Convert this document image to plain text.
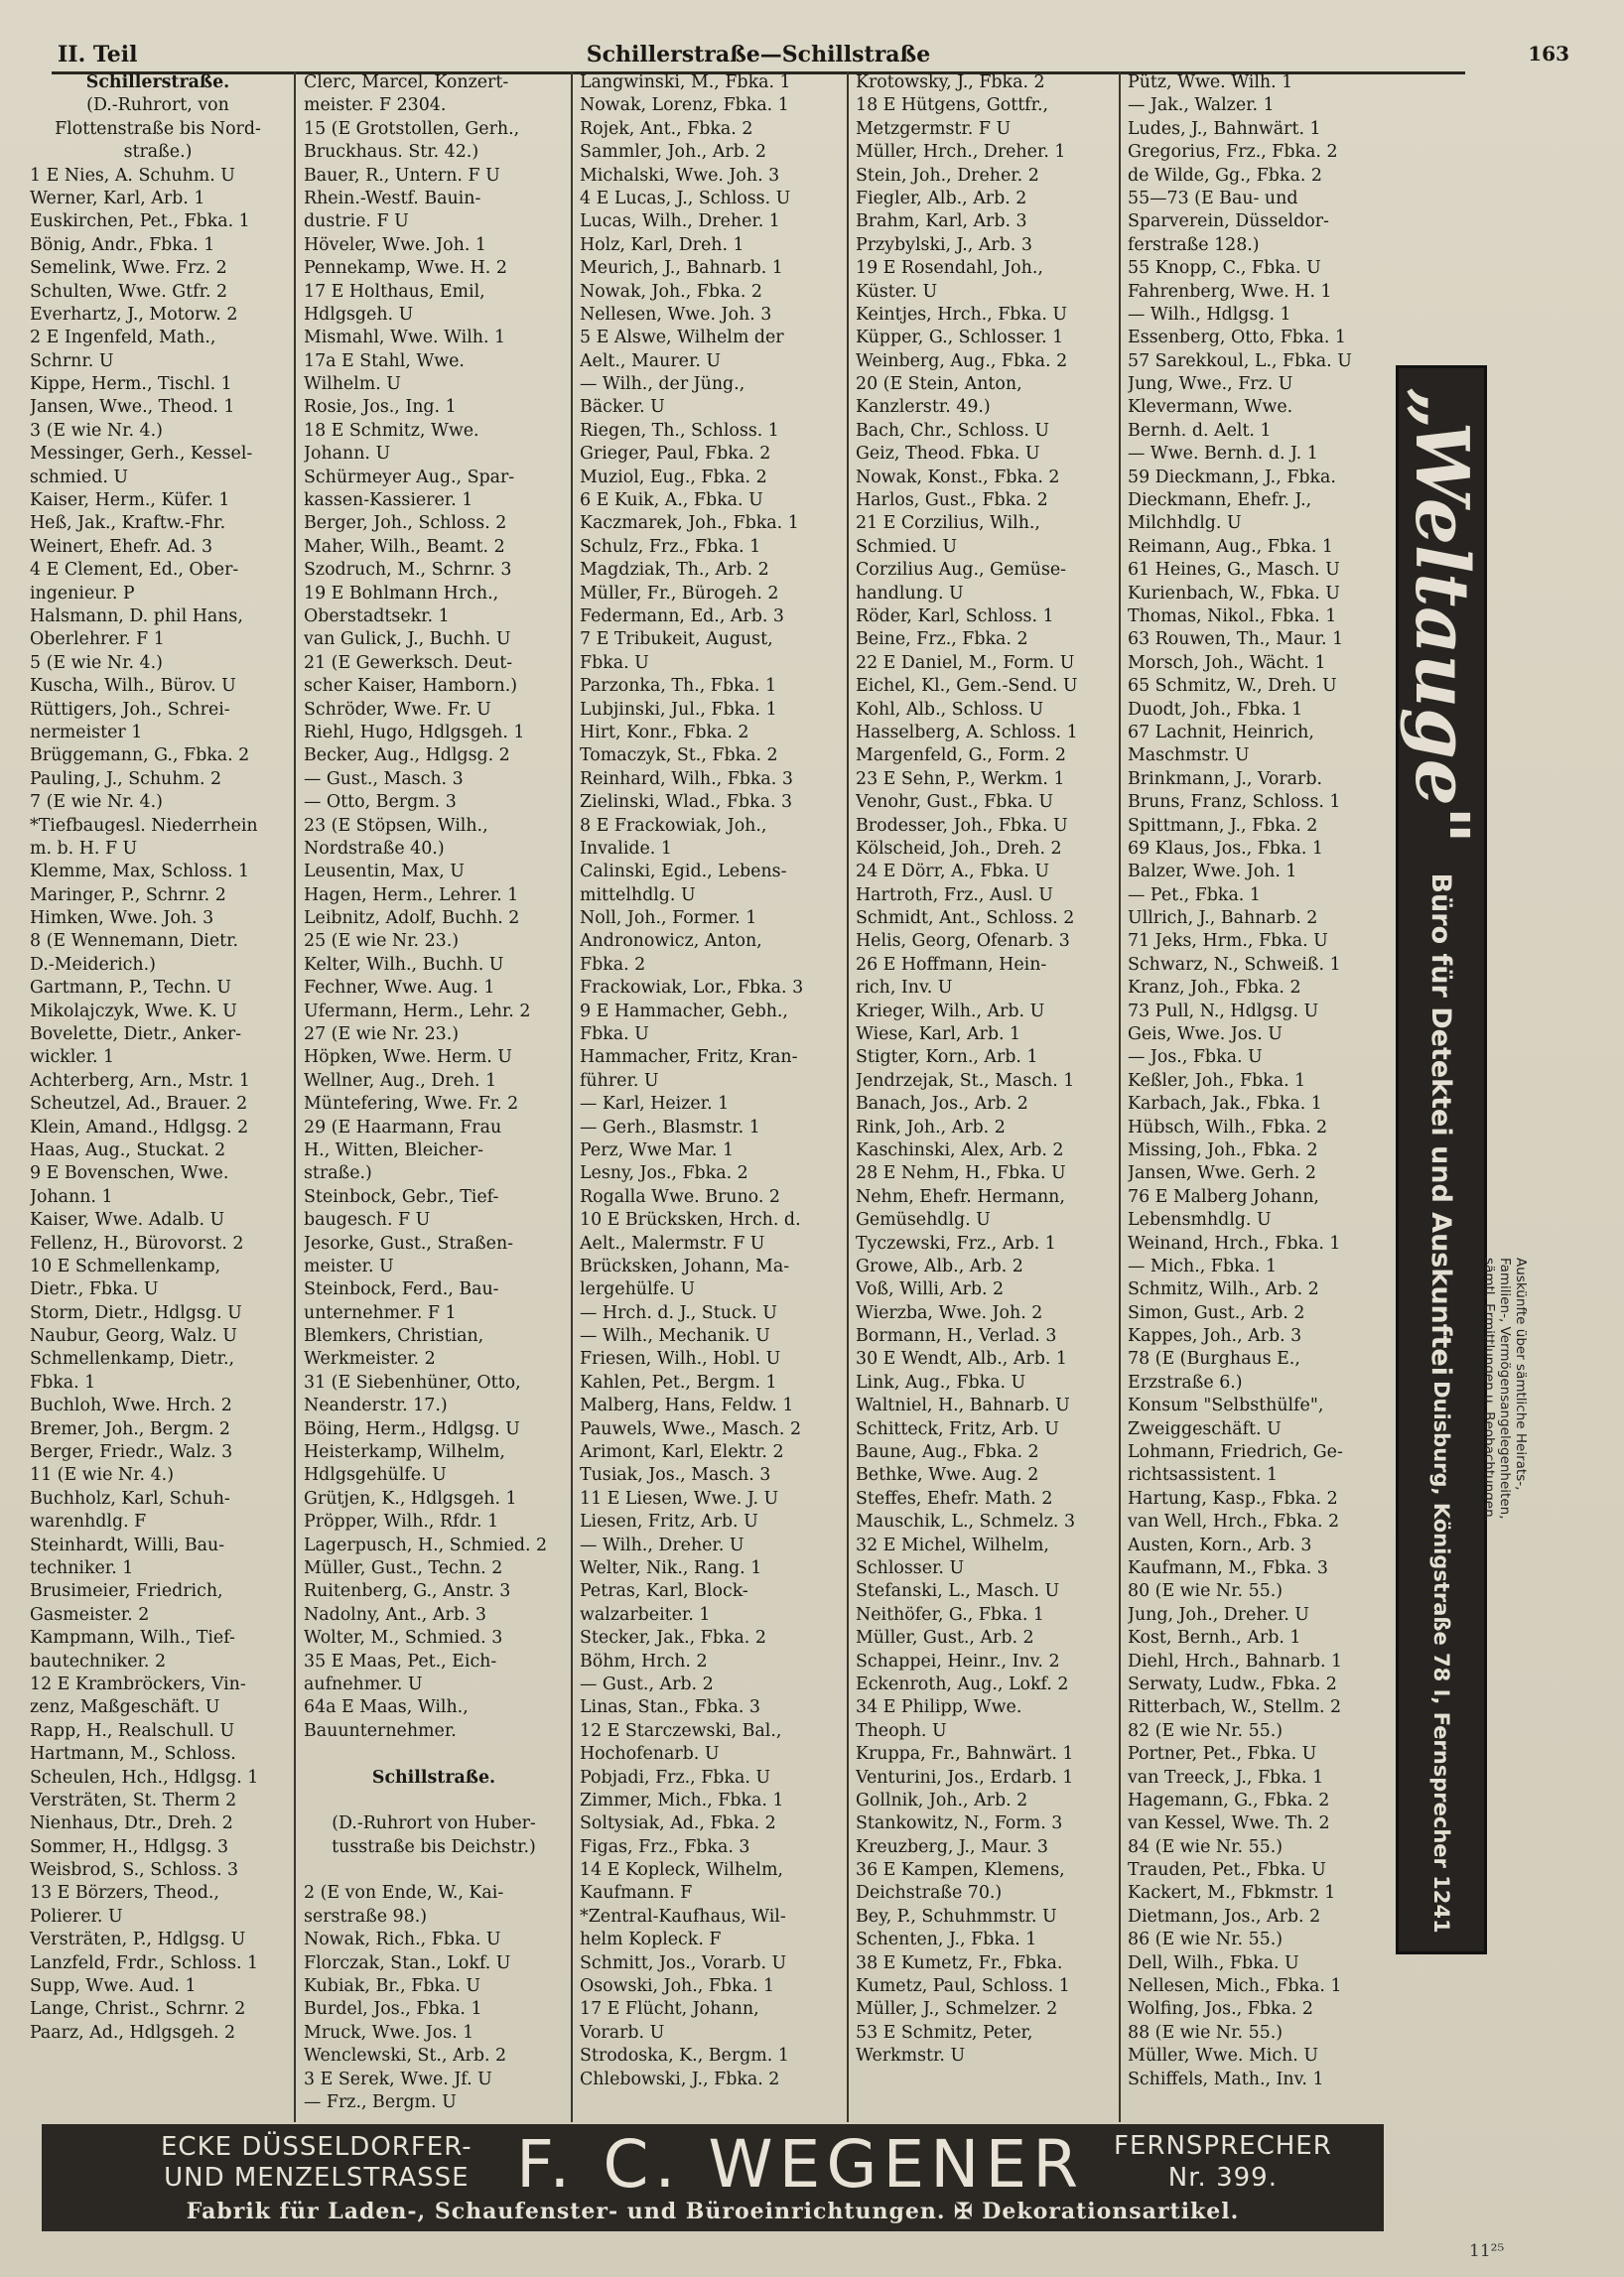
II. Teil	Schillerstraße—Schillstraße	163
Schillerstraße.
(D.-Ruhrort, von
Flottenstraße bis Nord-
straße.)
1 E Nies, A. Schuhm. U
Werner, Karl, Arb. 1
Euskirchen, Pet., Fbka. 1
Bönig, Andr., Fbka. 1
Semelink, Wwe. Frz. 2
Schulten, Wwe. Gtfr. 2
Everhartz, J., Motorw. 2
2 E Ingenfeld, Math.,
Schrnr. U
Kippe, Herm., Tischl. 1
Jansen, Wwe., Theod. 1
3 (E wie Nr. 4.)
Messinger, Gerh., Kessel-
schmied. U
Kaiser, Herm., Küfer. 1
Heß, Jak., Kraftw.-Fhr.
Weinert, Ehefr. Ad. 3
4 E Clement, Ed., Ober-
ingenieur. P
Halsmann, D. phil Hans,
Oberlehrer. F 1
5 (E wie Nr. 4.)
Kuscha, Wilh., Bürov. U
Rüttigers, Joh., Schrei-
nermeister 1
Brüggemann, G., Fbka. 2
Pauling, J., Schuhm. 2
7 (E wie Nr. 4.)
*Tiefbaugesl. Niederrhein
m. b. H. F U
Klemme, Max, Schloss. 1
Maringer, P., Schrnr. 2
Himken, Wwe. Joh. 3
8 (E Wennemann, Dietr.
D.-Meiderich.)
Gartmann, P., Techn. U
Mikolajczyk, Wwe. K. U
Bovelette, Dietr., Anker-
wickler. 1
Achterberg, Arn., Mstr. 1
Scheutzel, Ad., Brauer. 2
Klein, Amand., Hdlgsg. 2
Haas, Aug., Stuckat. 2
9 E Bovenschen, Wwe.
Johann. 1
Kaiser, Wwe. Adalb. U
Fellenz, H., Bürovorst. 2
10 E Schmellenkamp,
Dietr., Fbka. U
Storm, Dietr., Hdlgsg. U
Naubur, Georg, Walz. U
Schmellenkamp, Dietr.,
Fbka. 1
Buchloh, Wwe. Hrch. 2
Bremer, Joh., Bergm. 2
Berger, Friedr., Walz. 3
11 (E wie Nr. 4.)
Buchholz, Karl, Schuh-
warenhdlg. F
Steinhardt, Willi, Bau-
techniker. 1
Brusimeier, Friedrich,
Gasmeister. 2
Kampmann, Wilh., Tief-
bautechniker. 2
12 E Krambröckers, Vin-
zenz, Maßgeschäft. U
Rapp, H., Realschull. U
Hartmann, M., Schloss.
Scheulen, Hch., Hdlgsg. 1
Versträten, St. Therm 2
Nienhaus, Dtr., Dreh. 2
Sommer, H., Hdlgsg. 3
Weisbrod, S., Schloss. 3
13 E Börzers, Theod.,
Polierer. U
Versträten, P., Hdlgsg. U
Lanzfeld, Frdr., Schloss. 1
Supp, Wwe. Aud. 1
Lange, Christ., Schrnr. 2
Paarz, Ad., Hdlgsgeh. 2
Clerc, Marcel, Konzert-
meister. F 2304.
15 (E Grotstollen, Gerh.,
Bruckhaus. Str. 42.)
Bauer, R., Untern. F U
Rhein.-Westf. Bauin-
dustrie. F U
Höveler, Wwe. Joh. 1
Pennekamp, Wwe. H. 2
17 E Holthaus, Emil,
Hdlgsgeh. U
Mismahl, Wwe. Wilh. 1
17a E Stahl, Wwe.
Wilhelm. U
Rosie, Jos., Ing. 1
18 E Schmitz, Wwe.
Johann. U
Schürmeyer Aug., Spar-
kassen-Kassierer. 1
Berger, Joh., Schloss. 2
Maher, Wilh., Beamt. 2
Szodruch, M., Schrnr. 3
19 E Bohlmann Hrch.,
Oberstadtsekr. 1
van Gulick, J., Buchh. U
21 (E Gewerksch. Deut-
scher Kaiser, Hamborn.)
Schröder, Wwe. Fr. U
Riehl, Hugo, Hdlgsgeh. 1
Becker, Aug., Hdlgsg. 2
— Gust., Masch. 3
— Otto, Bergm. 3
23 (E Stöpsen, Wilh.,
Nordstraße 40.)
Leusentin, Max, U
Hagen, Herm., Lehrer. 1
Leibnitz, Adolf, Buchh. 2
25 (E wie Nr. 23.)
Kelter, Wilh., Buchh. U
Fechner, Wwe. Aug. 1
Ufermann, Herm., Lehr. 2
27 (E wie Nr. 23.)
Höpken, Wwe. Herm. U
Wellner, Aug., Dreh. 1
Müntefering, Wwe. Fr. 2
29 (E Haarmann, Frau
H., Witten, Bleicher-
straße.)
Steinbock, Gebr., Tief-
baugesch. F U
Jesorke, Gust., Straßen-
meister. U
Steinbock, Ferd., Bau-
unternehmer. F 1
Blemkers, Christian,
Werkmeister. 2
31 (E Siebenhüner, Otto,
Neanderstr. 17.)
Böing, Herm., Hdlgsg. U
Heisterkamp, Wilhelm,
Hdlgsgehülfe. U
Grütjen, K., Hdlgsgeh. 1
Pröpper, Wilh., Rfdr. 1
Lagerpusch, H., Schmied. 2
Müller, Gust., Techn. 2
Ruitenberg, G., Anstr. 3
Nadolny, Ant., Arb. 3
Wolter, M., Schmied. 3
35 E Maas, Pet., Eich-
aufnehmer. U
64a E Maas, Wilh.,
Bauunternehmer.
Schillstraße.
(D.-Ruhrort von Huber-
tusstraße bis Deichstr.)
2 (E von Ende, W., Kai-
serstraße 98.)
Nowak, Rich., Fbka. U
Florczak, Stan., Lokf. U
Kubiak, Br., Fbka. U
Burdel, Jos., Fbka. 1
Mruck, Wwe. Jos. 1
Wenclewski, St., Arb. 2
3 E Serek, Wwe. Jf. U
— Frz., Bergm. U
Langwinski, M., Fbka. 1
Nowak, Lorenz, Fbka. 1
Rojek, Ant., Fbka. 2
Sammler, Joh., Arb. 2
Michalski, Wwe. Joh. 3
4 E Lucas, J., Schloss. U
Lucas, Wilh., Dreher. 1
Holz, Karl, Dreh. 1
Meurich, J., Bahnarb. 1
Nowak, Joh., Fbka. 2
Nellesen, Wwe. Joh. 3
5 E Alswe, Wilhelm der
Aelt., Maurer. U
— Wilh., der Jüng.,
Bäcker. U
Riegen, Th., Schloss. 1
Grieger, Paul, Fbka. 2
Muziol, Eug., Fbka. 2
6 E Kuik, A., Fbka. U
Kaczmarek, Joh., Fbka. 1
Schulz, Frz., Fbka. 1
Magdziak, Th., Arb. 2
Müller, Fr., Bürogeh. 2
Federmann, Ed., Arb. 3
7 E Tribukeit, August,
Fbka. U
Parzonka, Th., Fbka. 1
Lubjinski, Jul., Fbka. 1
Hirt, Konr., Fbka. 2
Tomaczyk, St., Fbka. 2
Reinhard, Wilh., Fbka. 3
Zielinski, Wlad., Fbka. 3
8 E Frackowiak, Joh.,
Invalide. 1
Calinski, Egid., Lebens-
mittelhdlg. U
Noll, Joh., Former. 1
Andronowicz, Anton,
Fbka. 2
Frackowiak, Lor., Fbka. 3
9 E Hammacher, Gebh.,
Fbka. U
Hammacher, Fritz, Kran-
führer. U
— Karl, Heizer. 1
— Gerh., Blasmstr. 1
Perz, Wwe Mar. 1
Lesny, Jos., Fbka. 2
Rogalla Wwe. Bruno. 2
10 E Brücksken, Hrch. d.
Aelt., Malermstr. F U
Brücksken, Johann, Ma-
lergehülfe. U
— Hrch. d. J., Stuck. U
— Wilh., Mechanik. U
Friesen, Wilh., Hobl. U
Kahlen, Pet., Bergm. 1
Malberg, Hans, Feldw. 1
Pauwels, Wwe., Masch. 2
Arimont, Karl, Elektr. 2
Tusiak, Jos., Masch. 3
11 E Liesen, Wwe. J. U
Liesen, Fritz, Arb. U
— Wilh., Dreher. U
Welter, Nik., Rang. 1
Petras, Karl, Block-
walzarbeiter. 1
Stecker, Jak., Fbka. 2
Böhm, Hrch. 2
— Gust., Arb. 2
Linas, Stan., Fbka. 3
12 E Starczewski, Bal.,
Hochofenarb. U
Pobjadi, Frz., Fbka. U
Zimmer, Mich., Fbka. 1
Soltysiak, Ad., Fbka. 2
Figas, Frz., Fbka. 3
14 E Kopleck, Wilhelm,
Kaufmann. F
*Zentral-Kaufhaus, Wil-
helm Kopleck. F
Schmitt, Jos., Vorarb. U
Osowski, Joh., Fbka. 1
17 E Flücht, Johann,
Vorarb. U
Strodoska, K., Bergm. 1
Chlebowski, J., Fbka. 2
Krotowsky, J., Fbka. 2
18 E Hütgens, Gottfr.,
Metzgermstr. F U
Müller, Hrch., Dreher. 1
Stein, Joh., Dreher. 2
Fiegler, Alb., Arb. 2
Brahm, Karl, Arb. 3
Przybylski, J., Arb. 3
19 E Rosendahl, Joh.,
Küster. U
Keintjes, Hrch., Fbka. U
Küpper, G., Schlosser. 1
Weinberg, Aug., Fbka. 2
20 (E Stein, Anton,
Kanzlerstr. 49.)
Bach, Chr., Schloss. U
Geiz, Theod. Fbka. U
Nowak, Konst., Fbka. 2
Harlos, Gust., Fbka. 2
21 E Corzilius, Wilh.,
Schmied. U
Corzilius Aug., Gemüse-
handlung. U
Röder, Karl, Schloss. 1
Beine, Frz., Fbka. 2
22 E Daniel, M., Form. U
Eichel, Kl., Gem.-Send. U
Kohl, Alb., Schloss. U
Hasselberg, A. Schloss. 1
Margenfeld, G., Form. 2
23 E Sehn, P., Werkm. 1
Venohr, Gust., Fbka. U
Brodesser, Joh., Fbka. U
Kölscheid, Joh., Dreh. 2
24 E Dörr, A., Fbka. U
Hartroth, Frz., Ausl. U
Schmidt, Ant., Schloss. 2
Helis, Georg, Ofenarb. 3
26 E Hoffmann, Hein-
rich, Inv. U
Krieger, Wilh., Arb. U
Wiese, Karl, Arb. 1
Stigter, Korn., Arb. 1
Jendrzejak, St., Masch. 1
Banach, Jos., Arb. 2
Rink, Joh., Arb. 2
Kaschinski, Alex, Arb. 2
28 E Nehm, H., Fbka. U
Nehm, Ehefr. Hermann,
Gemüsehdlg. U
Tyczewski, Frz., Arb. 1
Growe, Alb., Arb. 2
Voß, Willi, Arb. 2
Wierzba, Wwe. Joh. 2
Bormann, H., Verlad. 3
30 E Wendt, Alb., Arb. 1
Link, Aug., Fbka. U
Waltniel, H., Bahnarb. U
Schitteck, Fritz, Arb. U
Baune, Aug., Fbka. 2
Bethke, Wwe. Aug. 2
Steffes, Ehefr. Math. 2
Mauschik, L., Schmelz. 3
32 E Michel, Wilhelm,
Schlosser. U
Stefanski, L., Masch. U
Neithöfer, G., Fbka. 1
Müller, Gust., Arb. 2
Schappei, Heinr., Inv. 2
Eckenroth, Aug., Lokf. 2
34 E Philipp, Wwe.
Theoph. U
Kruppa, Fr., Bahnwärt. 1
Venturini, Jos., Erdarb. 1
Gollnik, Joh., Arb. 2
Stankowitz, N., Form. 3
Kreuzberg, J., Maur. 3
36 E Kampen, Klemens,
Deichstraße 70.)
Bey, P., Schuhmmstr. U
Schenten, J., Fbka. 1
38 E Kumetz, Fr., Fbka.
Kumetz, Paul, Schloss. 1
Müller, J., Schmelzer. 2
53 E Schmitz, Peter,
Werkmstr. U
Pütz, Wwe. Wilh. 1
— Jak., Walzer. 1
Ludes, J., Bahnwärt. 1
Gregorius, Frz., Fbka. 2
de Wilde, Gg., Fbka. 2
55—73 (E Bau- und
Sparverein, Düsseldor-
ferstraße 128.)
55 Knopp, C., Fbka. U
Fahrenberg, Wwe. H. 1
— Wilh., Hdlgsg. 1
Essenberg, Otto, Fbka. 1
57 Sarekkoul, L., Fbka. U
Jung, Wwe., Frz. U
Klevermann, Wwe.
Bernh. d. Aelt. 1
— Wwe. Bernh. d. J. 1
59 Dieckmann, J., Fbka.
Dieckmann, Ehefr. J.,
Milchhdlg. U
Reimann, Aug., Fbka. 1
61 Heines, G., Masch. U
Kurienbach, W., Fbka. U
Thomas, Nikol., Fbka. 1
63 Rouwen, Th., Maur. 1
Morsch, Joh., Wächt. 1
65 Schmitz, W., Dreh. U
Duodt, Joh., Fbka. 1
67 Lachnit, Heinrich,
Maschmstr. U
Brinkmann, J., Vorarb.
Bruns, Franz, Schloss. 1
Spittmann, J., Fbka. 2
69 Klaus, Jos., Fbka. 1
Balzer, Wwe. Joh. 1
— Pet., Fbka. 1
Ullrich, J., Bahnarb. 2
71 Jeks, Hrm., Fbka. U
Schwarz, N., Schweiß. 1
Kranz, Joh., Fbka. 2
73 Pull, N., Hdlgsg. U
Geis, Wwe. Jos. U
— Jos., Fbka. U
Keßler, Joh., Fbka. 1
Karbach, Jak., Fbka. 1
Hübsch, Wilh., Fbka. 2
Missing, Joh., Fbka. 2
Jansen, Wwe. Gerh. 2
76 E Malberg Johann,
Lebensmhdlg. U
Weinand, Hrch., Fbka. 1
— Mich., Fbka. 1
Schmitz, Wilh., Arb. 2
Simon, Gust., Arb. 2
Kappes, Joh., Arb. 3
78 (E (Burghaus E.,
Erzstraße 6.)
Konsum "Selbsthülfe",
Zweiggeschäft. U
Lohmann, Friedrich, Ge-
richtsassistent. 1
Hartung, Kasp., Fbka. 2
van Well, Hrch., Fbka. 2
Austen, Korn., Arb. 3
Kaufmann, M., Fbka. 3
80 (E wie Nr. 55.)
Jung, Joh., Dreher. U
Kost, Bernh., Arb. 1
Diehl, Hrch., Bahnarb. 1
Serwaty, Ludw., Fbka. 2
Ritterbach, W., Stellm. 2
82 (E wie Nr. 55.)
Portner, Pet., Fbka. U
van Treeck, J., Fbka. 1
Hagemann, G., Fbka. 2
van Kessel, Wwe. Th. 2
84 (E wie Nr. 55.)
Trauden, Pet., Fbka. U
Kackert, M., Fbkmstr. 1
Dietmann, Jos., Arb. 2
86 (E wie Nr. 55.)
Dell, Wilh., Fbka. U
Nellesen, Mich., Fbka. 1
Wolfing, Jos., Fbka. 2
88 (E wie Nr. 55.)
Müller, Wwe. Mich. U
Schiffels, Math., Inv. 1
„Weltauge" Büro für Detektei und Auskunftei Duisburg, Königstraße 78 I, Fernsprecher 1241
Auskünfte über sämtliche Heirats-,
Familien-, Vermögensangelegenheiten,
sämtl. Ermittlungen u. Beobachtungen.
ECKE DÜSSELDORFER-
UND MENZELSTRASSE F. C. WEGENER FERNSPRECHER
Nr. 399.
Fabrik für Laden-, Schaufenster- und Büroeinrichtungen. ✠ Dekorationsartikel.
11²⁵
